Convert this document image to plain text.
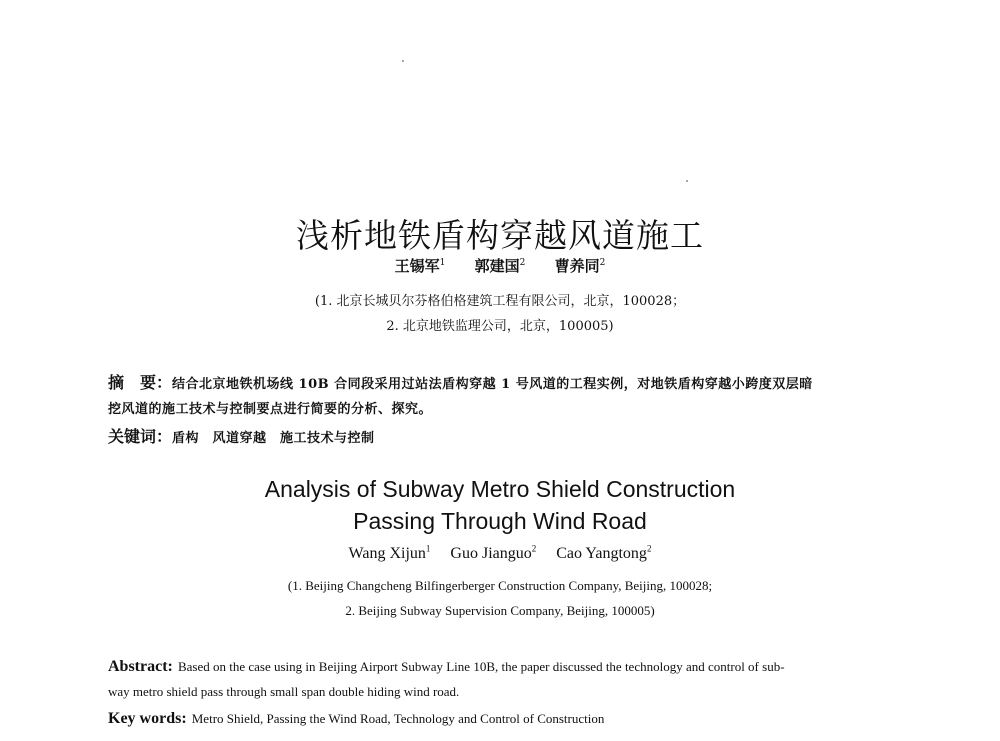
浅析地铁盾构穿越风道施工
王锡军$^1$ 郭建国$^2$ 曹养同$^2$
(1. 北京长城贝尔芬格伯格建筑工程有限公司，北京，100028；
2. 北京地铁监理公司，北京，100005)
摘　要：结合北京地铁机场线 10B 合同段采用过站法盾构穿越 1 号风道的工程实例，对地铁盾构穿越小跨度双层暗
挖风道的施工技术与控制要点进行简要的分析、探究。
关键词：盾构　风道穿越　施工技术与控制
Analysis of Subway Metro Shield Construction
Passing Through Wind Road
Wang Xijun$^1$ Guo Jianguo$^2$ Cao Yangtong$^2$
(1. Beijing Changcheng Bilfingerberger Construction Company, Beijing, 100028;
2. Beijing Subway Supervision Company, Beijing, 100005)
Abstract: Based on the case using in Beijing Airport Subway Line 10B, the paper discussed the technology and control of sub-
way metro shield pass through small span double hiding wind road.
Key words: Metro Shield, Passing the Wind Road, Technology and Control of Construction
